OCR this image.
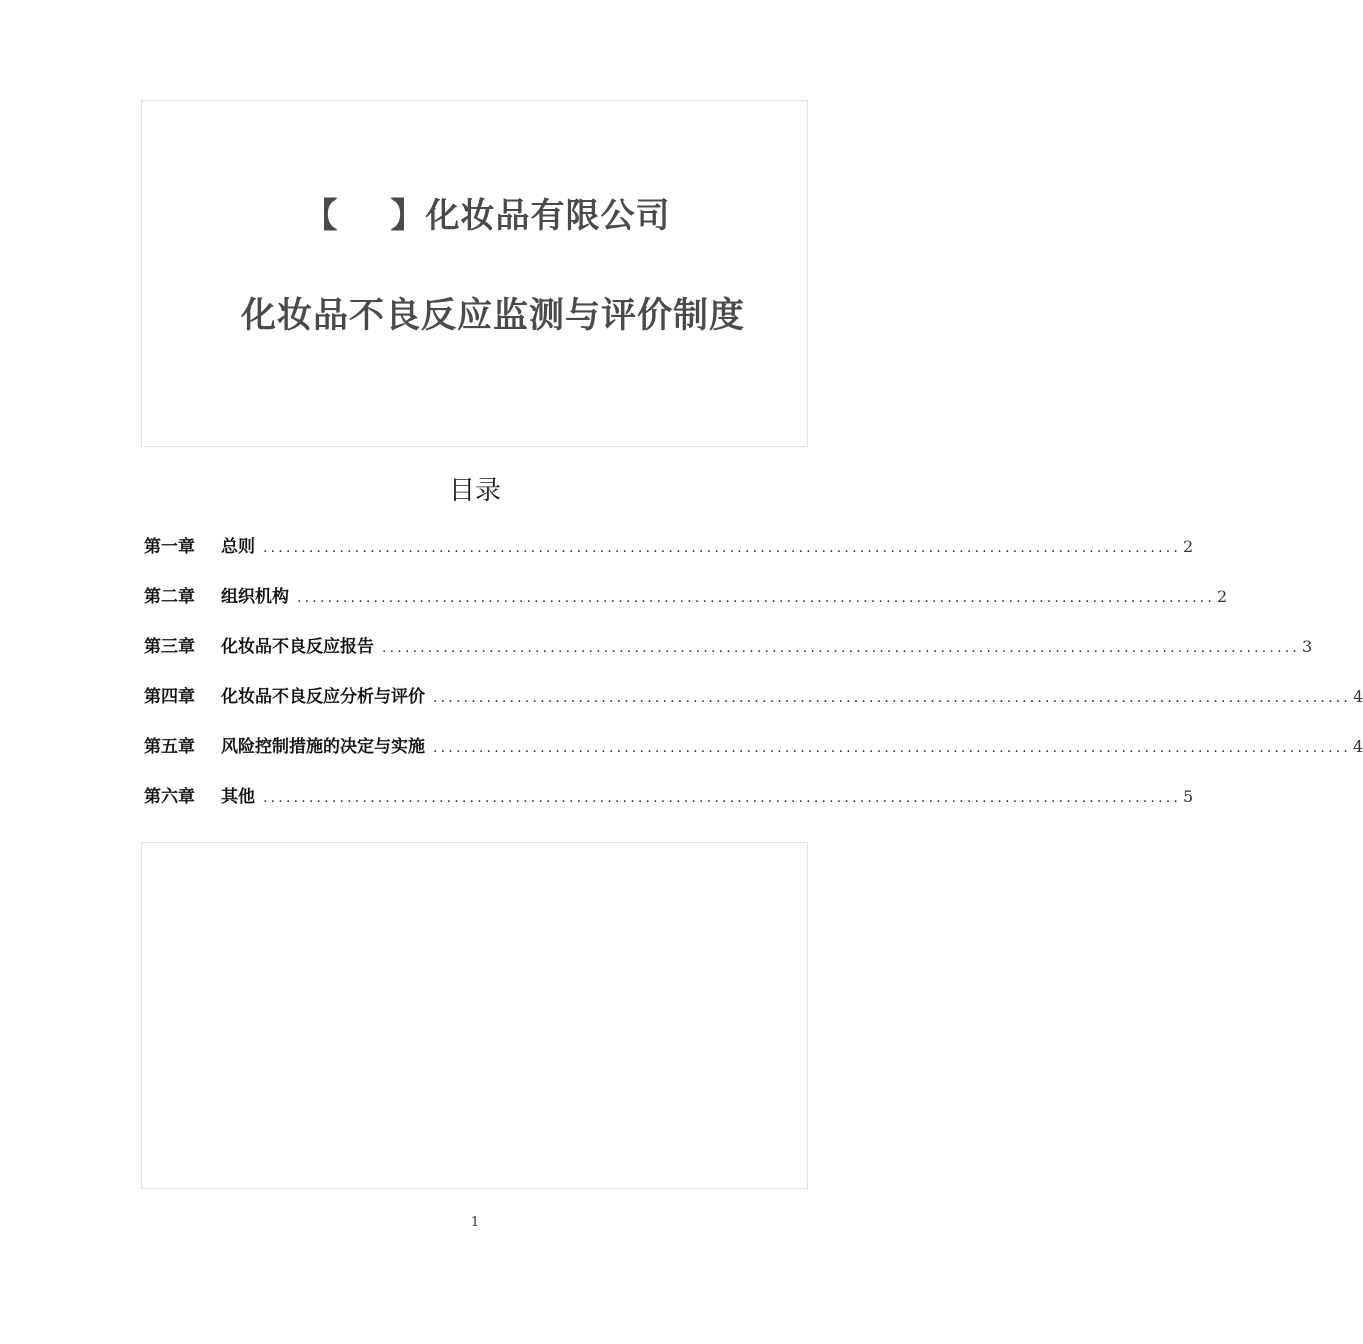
【 】化妆品有限公司
化妆品不良反应监测与评价制度
目录
第一章	总则 ........................................................................................................................ 2
第二章	组织机构 ........................................................................................................................ 2
第三章	化妆品不良反应报告 ........................................................................................................................ 3
第四章	化妆品不良反应分析与评价 ........................................................................................................................ 4
第五章	风险控制措施的决定与实施 ........................................................................................................................ 4
第六章	其他 ........................................................................................................................ 5
1
